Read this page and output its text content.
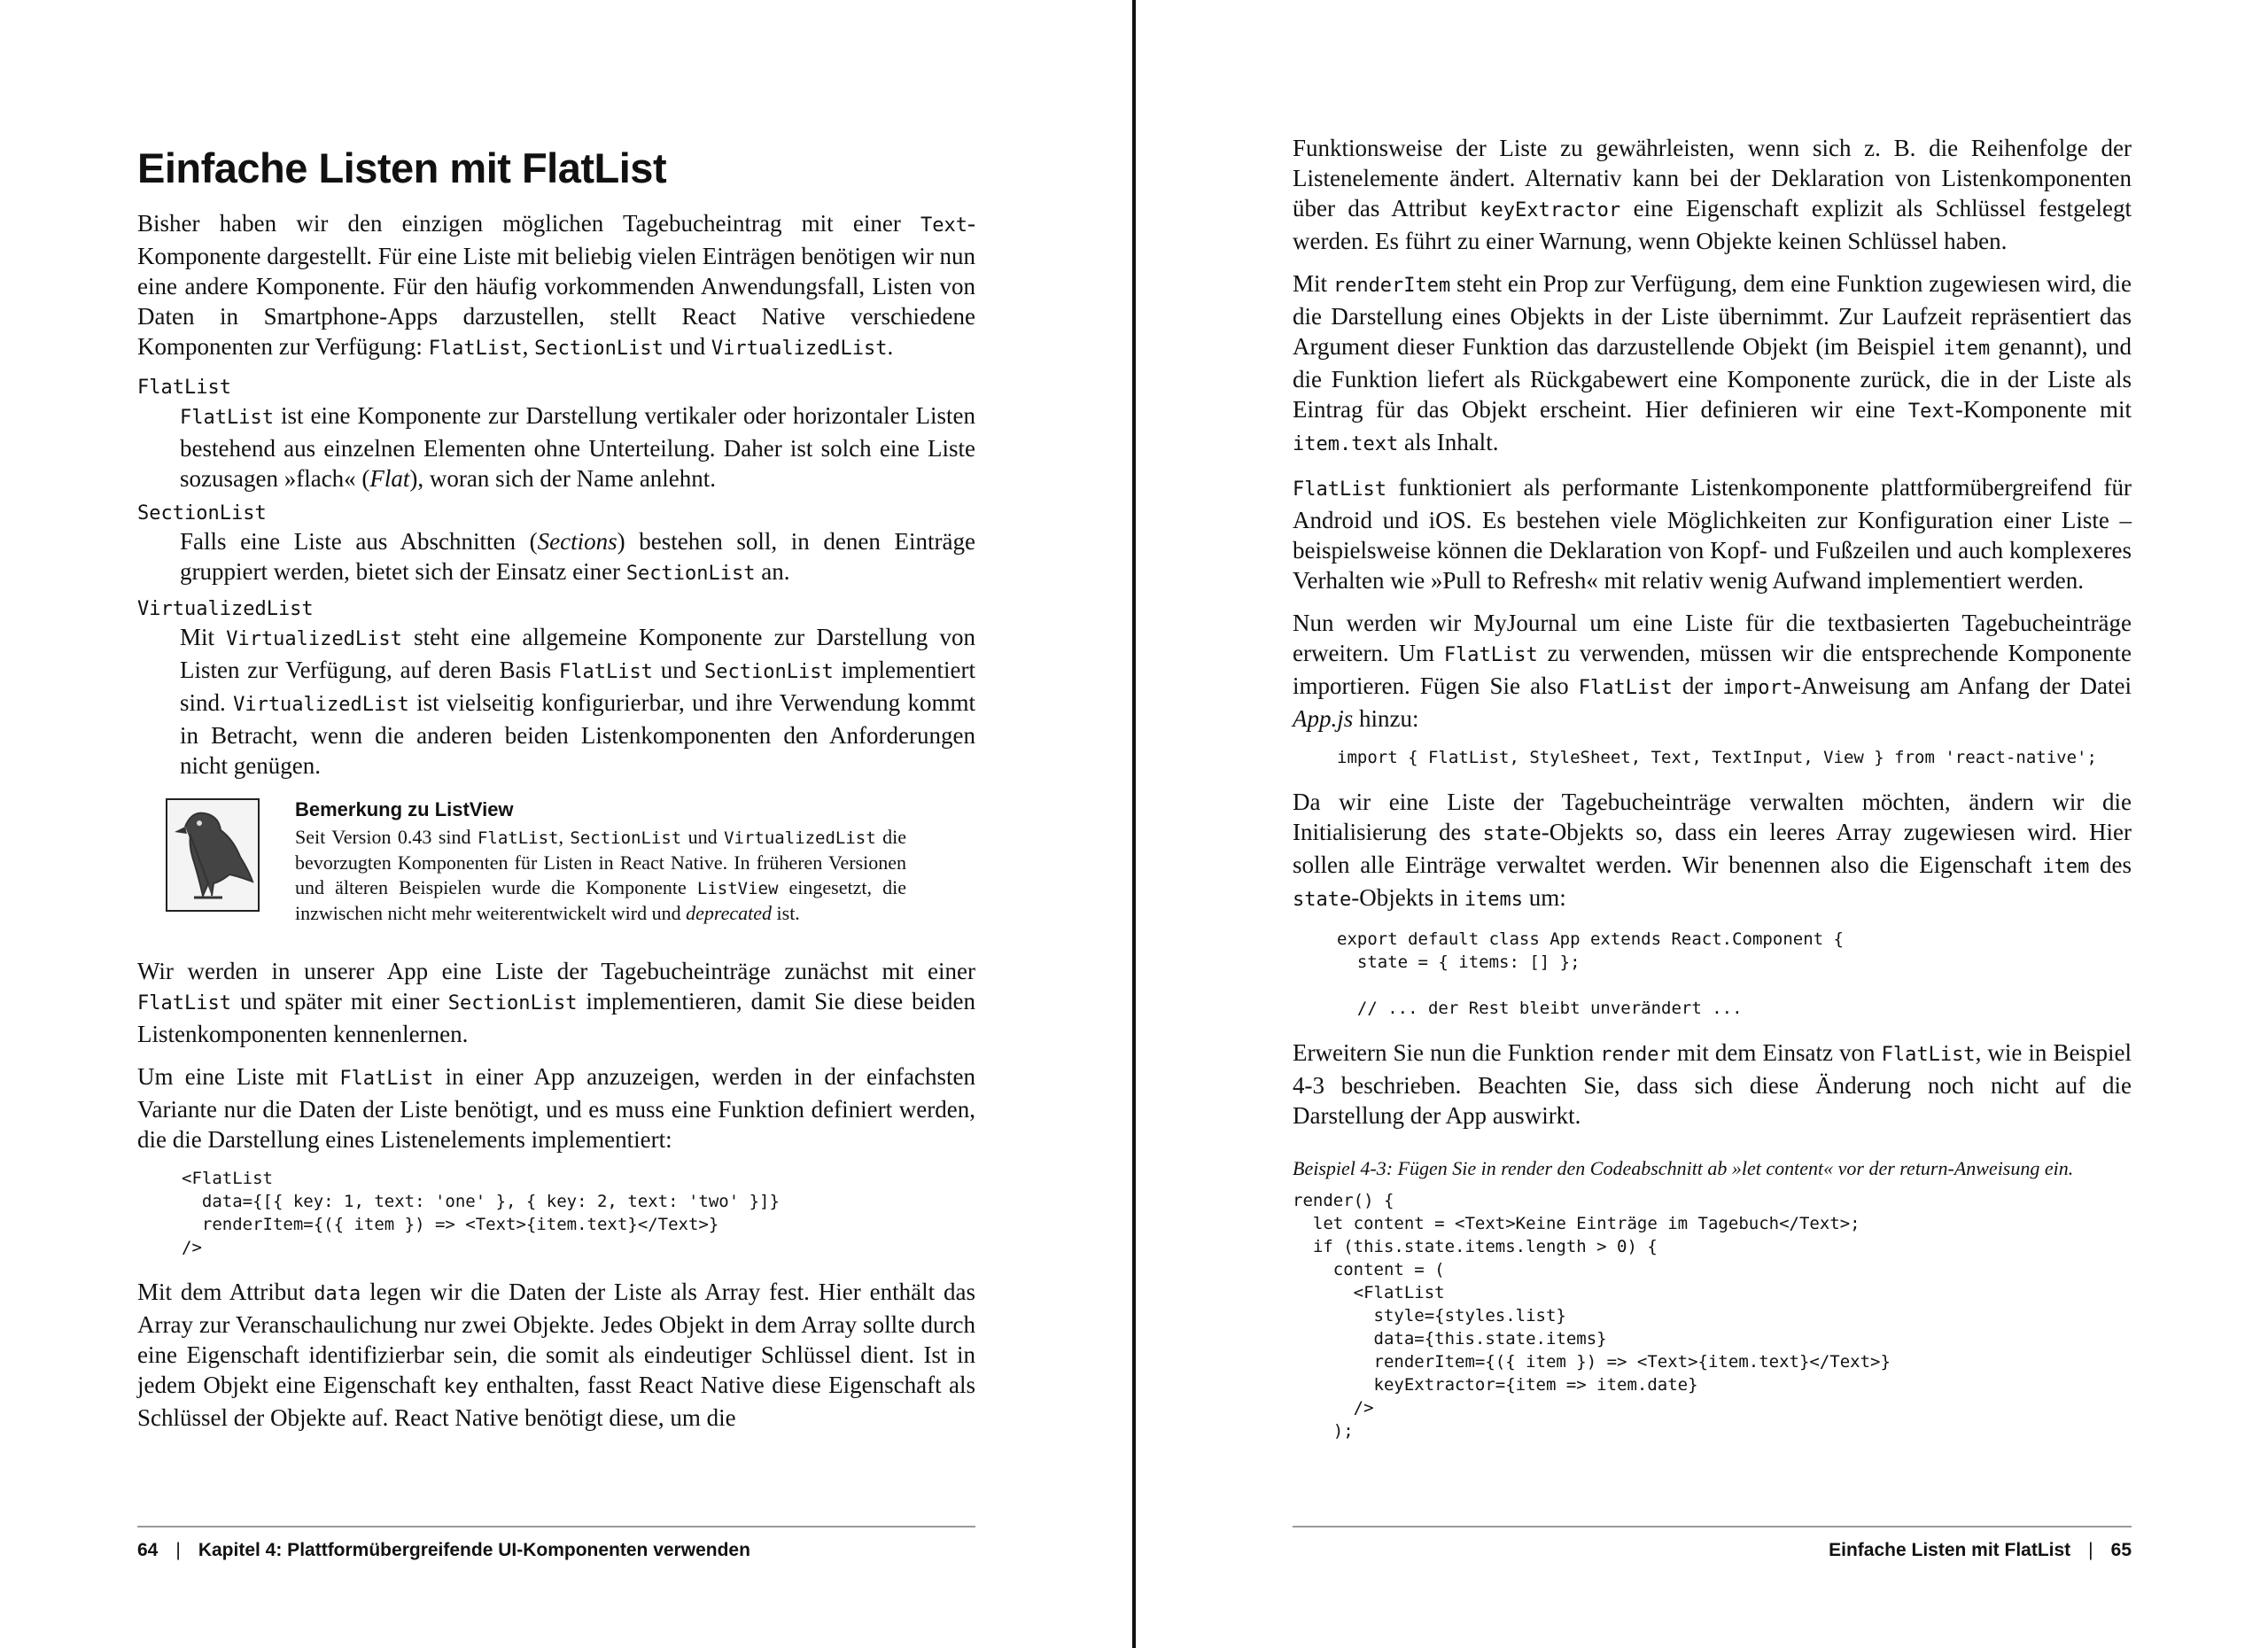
Einfache Listen mit FlatList

Bisher haben wir den einzigen möglichen Tagebucheintrag mit einer Text-Komponente dargestellt. Für eine Liste mit beliebig vielen Einträgen benötigen wir nun eine andere Komponente. Für den häufig vorkommenden Anwendungsfall, Listen von Daten in Smartphone-Apps darzustellen, stellt React Native verschiedene Komponenten zur Verfügung: FlatList, SectionList und VirtualizedList.

FlatList
FlatList ist eine Komponente zur Darstellung vertikaler oder horizontaler Listen bestehend aus einzelnen Elementen ohne Unterteilung. Daher ist solch eine Liste sozusagen »flach« (Flat), woran sich der Name anlehnt.
SectionList
Falls eine Liste aus Abschnitten (Sections) bestehen soll, in denen Einträge gruppiert werden, bietet sich der Einsatz einer SectionList an.
VirtualizedList
Mit VirtualizedList steht eine allgemeine Komponente zur Darstellung von Listen zur Verfügung, auf deren Basis FlatList und SectionList implementiert sind. VirtualizedList ist vielseitig konfigurierbar, und ihre Verwendung kommt in Betracht, wenn die anderen beiden Listenkomponenten den Anforderungen nicht genügen.
Bemerkung zu ListView
Seit Version 0.43 sind FlatList, SectionList und VirtualizedList die bevorzugten Komponenten für Listen in React Native. In früheren Versionen und älteren Beispielen wurde die Komponente ListView eingesetzt, die inzwischen nicht mehr weiterentwickelt wird und deprecated ist.

Wir werden in unserer App eine Liste der Tagebucheinträge zunächst mit einer FlatList und später mit einer SectionList implementieren, damit Sie diese beiden Listenkomponenten kennenlernen.

Um eine Liste mit FlatList in einer App anzuzeigen, werden in der einfachsten Variante nur die Daten der Liste benötigt, und es muss eine Funktion definiert werden, die die Darstellung eines Listenelements implementiert:

<FlatList
data={[{ key: 1, text: 'one' }, { key: 2, text: 'two' }]}
renderItem={({ item }) => <Text>{item.text}</Text>}
/>

Mit dem Attribut data legen wir die Daten der Liste als Array fest. Hier enthält das Array zur Veranschaulichung nur zwei Objekte. Jedes Objekt in dem Array sollte durch eine Eigenschaft identifizierbar sein, die somit als eindeutiger Schlüssel dient. Ist in jedem Objekt eine Eigenschaft key enthalten, fasst React Native diese Eigenschaft als Schlüssel der Objekte auf. React Native benötigt diese, um die

64 | Kapitel 4: Plattformübergreifende UI-Komponenten verwenden

Funktionsweise der Liste zu gewährleisten, wenn sich z. B. die Reihenfolge der Listenelemente ändert. Alternativ kann bei der Deklaration von Listenkomponenten über das Attribut keyExtractor eine Eigenschaft explizit als Schlüssel festgelegt werden. Es führt zu einer Warnung, wenn Objekte keinen Schlüssel haben.

Mit renderItem steht ein Prop zur Verfügung, dem eine Funktion zugewiesen wird, die die Darstellung eines Objekts in der Liste übernimmt. Zur Laufzeit repräsentiert das Argument dieser Funktion das darzustellende Objekt (im Beispiel item genannt), und die Funktion liefert als Rückgabewert eine Komponente zurück, die in der Liste als Eintrag für das Objekt erscheint. Hier definieren wir eine Text-Komponente mit item.text als Inhalt.

FlatList funktioniert als performante Listenkomponente plattformübergreifend für Android und iOS. Es bestehen viele Möglichkeiten zur Konfiguration einer Liste – beispielsweise können die Deklaration von Kopf- und Fußzeilen und auch komplexeres Verhalten wie »Pull to Refresh« mit relativ wenig Aufwand implementiert werden.

Nun werden wir MyJournal um eine Liste für die textbasierten Tagebucheinträge erweitern. Um FlatList zu verwenden, müssen wir die entsprechende Komponente importieren. Fügen Sie also FlatList der import-Anweisung am Anfang der Datei App.js hinzu:

import { FlatList, StyleSheet, Text, TextInput, View } from 'react-native';

Da wir eine Liste der Tagebucheinträge verwalten möchten, ändern wir die Initialisierung des state-Objekts so, dass ein leeres Array zugewiesen wird. Hier sollen alle Einträge verwaltet werden. Wir benennen also die Eigenschaft item des state-Objekts in items um:

export default class App extends React.Component {
state = { items: [] };

// ... der Rest bleibt unverändert ...

Erweitern Sie nun die Funktion render mit dem Einsatz von FlatList, wie in Beispiel 4-3 beschrieben. Beachten Sie, dass sich diese Änderung noch nicht auf die Darstellung der App auswirkt.

Beispiel 4-3: Fügen Sie in render den Codeabschnitt ab »let content« vor der return-Anweisung ein.
render() {
let content = <Text>Keine Einträge im Tagebuch</Text>;
if (this.state.items.length > 0) {
content = (
<FlatList
style={styles.list}
data={this.state.items}
renderItem={({ item }) => <Text>{item.text}</Text>}
keyExtractor={item => item.date}
/>
);
Einfache Listen mit FlatList | 65
